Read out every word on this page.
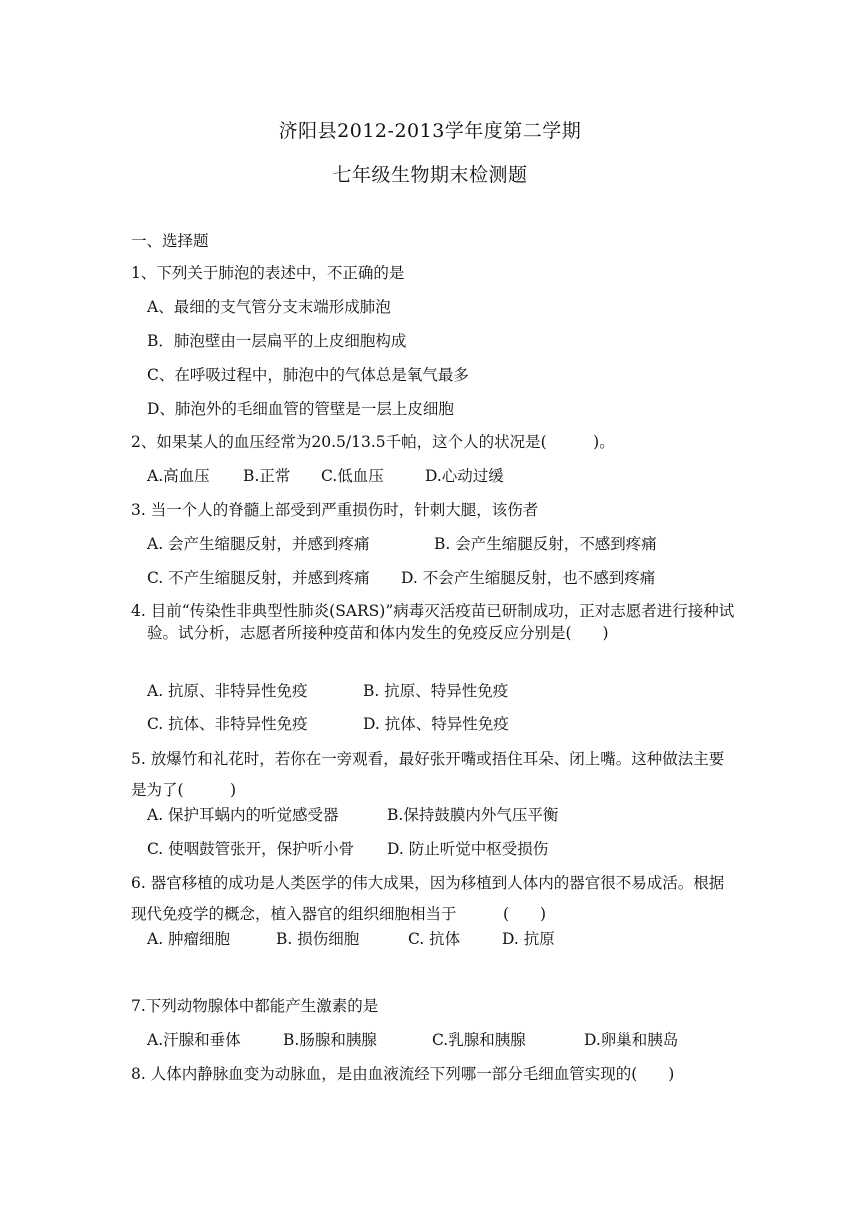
济阳县2012-2013学年度第二学期
七年级生物期末检测题
一、选择题
1、下列关于肺泡的表述中，不正确的是
A、最细的支气管分支末端形成肺泡
B．肺泡壁由一层扁平的上皮细胞构成
C、在呼吸过程中，肺泡中的气体总是氧气最多
D、肺泡外的毛细血管的管壁是一层上皮细胞
2、如果某人的血压经常为20.5/13.5千帕，这个人的状况是(　　　)。
A.高血压 B.正常 C.低血压	D.心动过缓
3. 当一个人的脊髓上部受到严重损伤时，针刺大腿，该伤者
A. 会产生缩腿反射，并感到疼痛	B. 会产生缩腿反射，不感到疼痛
C. 不产生缩腿反射，并感到疼痛 D. 不会产生缩腿反射，也不感到疼痛
4. 目前“传染性非典型性肺炎(SARS)”病毒灭活疫苗已研制成功，正对志愿者进行接种试验。试分析，志愿者所接种疫苗和体内发生的免疫反应分别是(　　)
A. 抗原、非特异性免疫	B. 抗原、特异性免疫
C. 抗体、非特异性免疫	D. 抗体、特异性免疫
5. 放爆竹和礼花时，若你在一旁观看，最好张开嘴或捂住耳朵、闭上嘴。这种做法主要是为了(　　　)
A. 保护耳蜗内的听觉感受器	B.保持鼓膜内外气压平衡
C. 使咽鼓管张开，保护听小骨 D. 防止听觉中枢受损伤
6. 器官移植的成功是人类医学的伟大成果，因为移植到人体内的器官很不易成活。根据现代免疫学的概念，植入器官的组织细胞相当于　　　(　　)
A. 肿瘤细胞	B. 损伤细胞	C. 抗体	D. 抗原
7.下列动物腺体中都能产生激素的是
A.汗腺和垂体	B.肠腺和胰腺	C.乳腺和胰腺	D.卵巢和胰岛
8. 人体内静脉血变为动脉血，是由血液流经下列哪一部分毛细血管实现的(　　)
